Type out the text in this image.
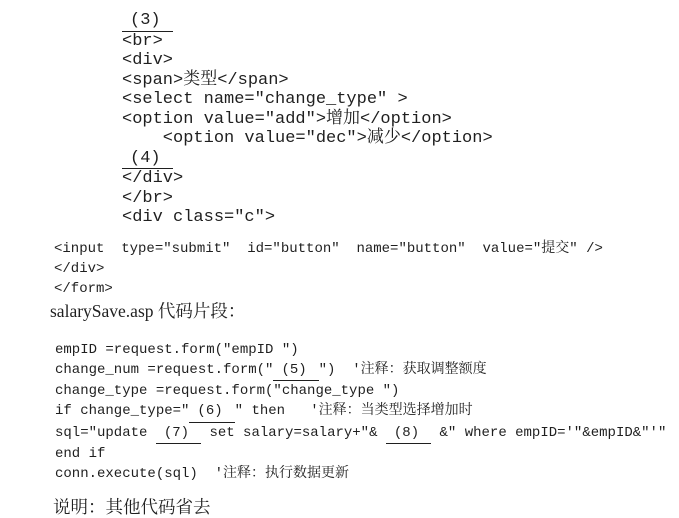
(3)
<br>
<div>
<span>类型</span>
<select name="change_type" >
<option value="add">增加</option>
<option value="dec">减少</option>
(4)
</div>
</br>
<div class="c">
<input  type="submit"  id="button"  name="button"  value="提交" />
</div>
</form>
salarySave.asp 代码片段：
empID =request.form("empID ")
change_num =request.form(" (5) ")  '注释：获取调整额度
change_type =request.form("change_type ")
if change_type=" (6) " then   '注释：当类型选择增加时
sql="update (7) set salary=salary+"& (8) &" where empID='"&empID&"'"
end if
conn.execute(sql)  '注释：执行数据更新
说明：其他代码省去
